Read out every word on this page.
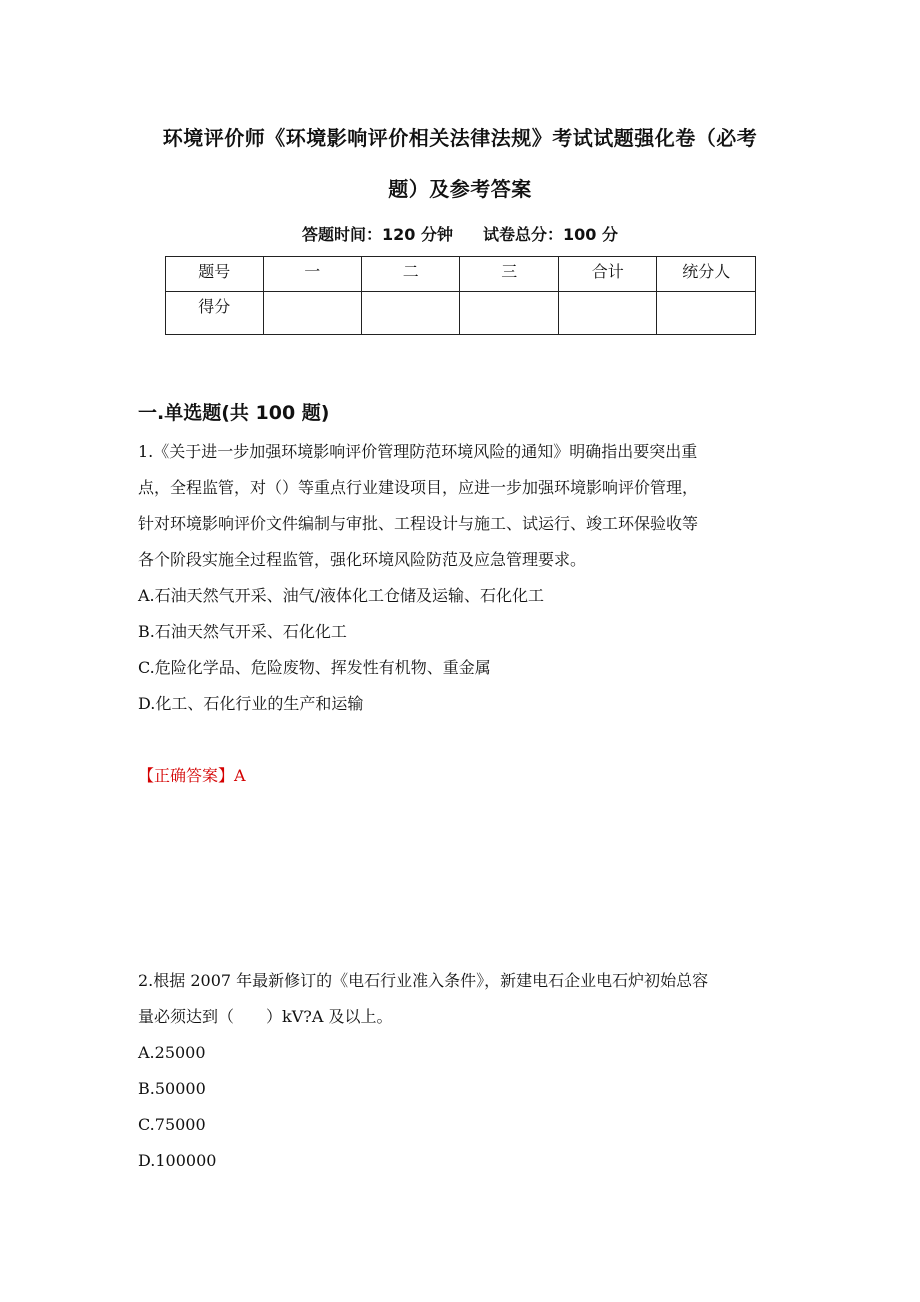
环境评价师《环境影响评价相关法律法规》考试试题强化卷（必考
题）及参考答案
答题时间：120 分钟 试卷总分：100 分
题号	一	二	三	合计	统分人
得分					
一.单选题(共 100 题)

1.《关于进一步加强环境影响评价管理防范环境风险的通知》明确指出要突出重

点，全程监管，对（）等重点行业建设项目，应进一步加强环境影响评价管理，

针对环境影响评价文件编制与审批、工程设计与施工、试运行、竣工环保验收等

各个阶段实施全过程监管，强化环境风险防范及应急管理要求。

A.石油天然气开采、油气/液体化工仓储及运输、石化化工

B.石油天然气开采、石化化工

C.危险化学品、危险废物、挥发性有机物、重金属

D.化工、石化行业的生产和运输

【正确答案】A

2.根据 2007 年最新修订的《电石行业准入条件》，新建电石企业电石炉初始总容

量必须达到（　　）kV?A 及以上。

A.25000

B.50000

C.75000

D.100000
